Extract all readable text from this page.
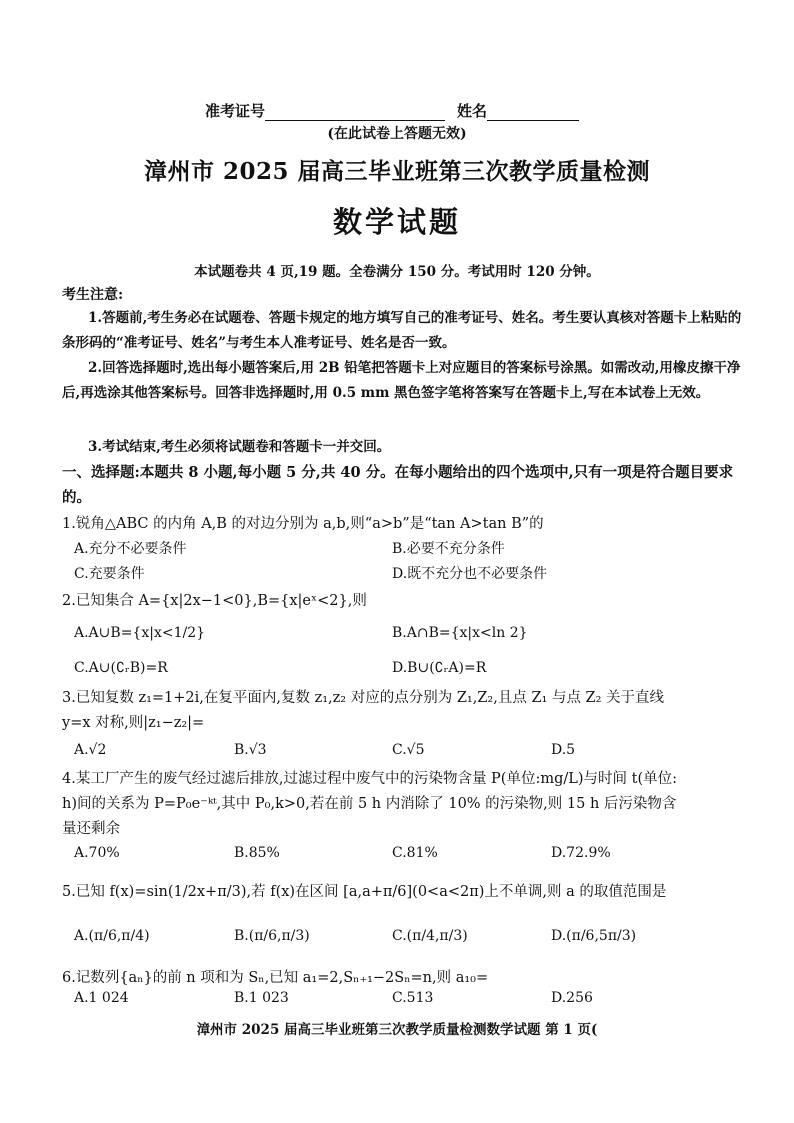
准考证号	姓名
(在此试卷上答题无效)
漳州市 2025 届高三毕业班第三次教学质量检测
数学试题
本试题卷共 4 页,19 题。全卷满分 150 分。考试用时 120 分钟。
考生注意:
1.答题前,考生务必在试题卷、答题卡规定的地方填写自己的准考证号、姓名。考生要认真核对答题卡上粘贴的条形码的“准考证号、姓名”与考生本人准考证号、姓名是否一致。
2.回答选择题时,选出每小题答案后,用 2B 铅笔把答题卡上对应题目的答案标号涂黑。如需改动,用橡皮擦干净后,再选涂其他答案标号。回答非选择题时,用 0.5 mm 黑色签字笔将答案写在答题卡上,写在本试卷上无效。
3.考试结束,考生必须将试题卷和答题卡一并交回。
一、选择题:本题共 8 小题,每小题 5 分,共 40 分。在每小题给出的四个选项中,只有一项是符合题目要求的。
1.锐角△ABC 的内角 A,B 的对边分别为 a,b,则“a>b”是“tan A>tan B”的
A.充分不必要条件	B.必要不充分条件
C.充要条件	D.既不充分也不必要条件
2.已知集合 A={x|2x−1<0},B={x|eˣ<2},则
A.A∪B={x|x<1/2}	B.A∩B={x|x<ln 2}
C.A∪(∁ᵣB)=R	D.B∪(∁ᵣA)=R
3.已知复数 z₁=1+2i,在复平面内,复数 z₁,z₂ 对应的点分别为 Z₁,Z₂,且点 Z₁ 与点 Z₂ 关于直线
y=x 对称,则|z₁−z₂|=
A.√2	B.√3	C.√5	D.5
4.某工厂产生的废气经过滤后排放,过滤过程中废气中的污染物含量 P(单位:mg/L)与时间 t(单位:
h)间的关系为 P=P₀e⁻ᵏᵗ,其中 P₀,k>0,若在前 5 h 内消除了 10% 的污染物,则 15 h 后污染物含
量还剩余
A.70%	B.85%	C.81%	D.72.9%
5.已知 f(x)=sin(1/2x+π/3),若 f(x)在区间 [a,a+π/6](0<a<2π)上不单调,则 a 的取值范围是
A.(π/6,π/4)	B.(π/6,π/3)	C.(π/4,π/3)	D.(π/6,5π/3)
6.记数列{aₙ}的前 n 项和为 Sₙ,已知 a₁=2,Sₙ₊₁−2Sₙ=n,则 a₁₀=
A.1 024	B.1 023	C.513	D.256
漳州市 2025 届高三毕业班第三次教学质量检测数学试题 第 1 页(
